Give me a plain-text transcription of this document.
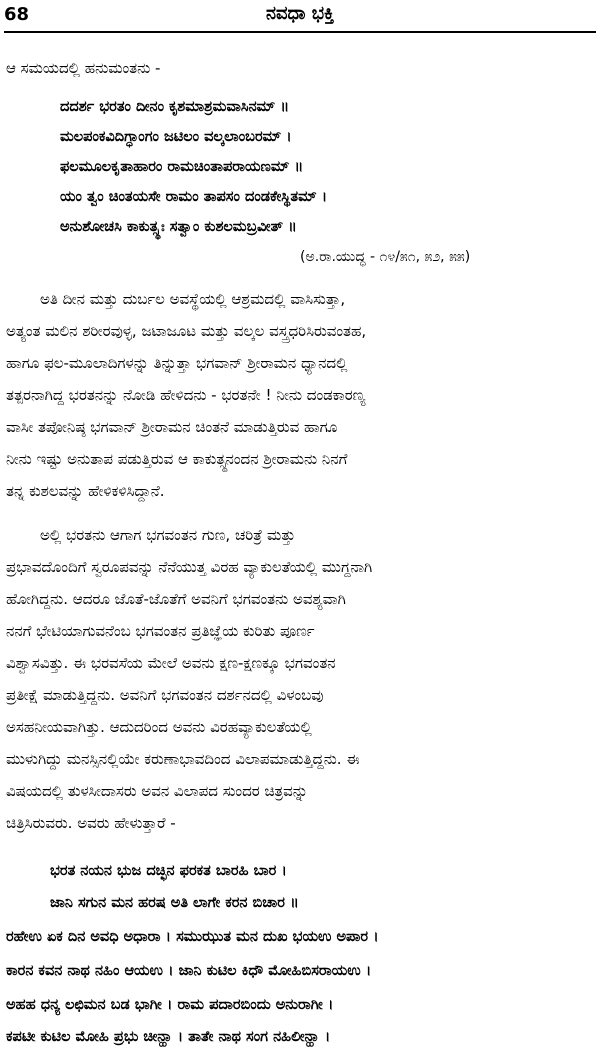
68	ನವಧಾ ಭಕ್ತಿ
ಆ ಸಮಯದಲ್ಲಿ ಹನುಮಂತನು -
ದದರ್ಶ ಭರತಂ ದೀನಂ ಕೃಶಮಾಶ್ರಮವಾಸಿನಮ್ ॥
ಮಲಪಂಕವಿದಿಗ್ಧಾಂಗಂ ಜಟಿಲಂ ವಲ್ಕಲಾಂಬರಮ್ ।
ಫಲಮೂಲಕೃತಾಹಾರಂ ರಾಮಚಿಂತಾಪರಾಯಣಮ್ ॥
ಯಂ ತ್ವಂ ಚಿಂತಯಸೇ ರಾಮಂ ತಾಪಸಂ ದಂಡಕೇಸ್ಥಿತಮ್ ।
ಅನುಶೋಚಸಿ ಕಾಕುತ್ಸ್ಥಃ ಸತ್ವಾಂ ಕುಶಲಮಬ್ರವೀತ್ ॥
(ಅ.ರಾ.ಯುದ್ಧ - ೧೪/೫೧, ೫೨, ೫೫)
ಅತಿ ದೀನ ಮತ್ತು ದುರ್ಬಲ ಅವಸ್ಥೆಯಲ್ಲಿ ಆಶ್ರಮದಲ್ಲಿ ವಾಸಿಸುತ್ತಾ,
ಅತ್ಯಂತ ಮಲಿನ ಶರೀರವುಳ್ಳ, ಜಟಾಜೂಟ ಮತ್ತು ವಲ್ಕಲ ವಸ್ತ್ರಧರಿಸಿರುವಂತಹ,
ಹಾಗೂ ಫಲ-ಮೂಲಾದಿಗಳನ್ನು ತಿನ್ನುತ್ತಾ ಭಗವಾನ್ ಶ್ರೀರಾಮನ ಧ್ಯಾನದಲ್ಲಿ
ತತ್ಪರನಾಗಿದ್ದ ಭರತನನ್ನು ನೋಡಿ ಹೇಳಿದನು - ಭರತನೇ ! ನೀನು ದಂಡಕಾರಣ್ಯ
ವಾಸೀ ತಪೋನಿಷ್ಠ ಭಗವಾನ್ ಶ್ರೀರಾಮನ ಚಿಂತನೆ ಮಾಡುತ್ತಿರುವ ಹಾಗೂ
ನೀನು ಇಷ್ಟು ಅನುತಾಪ ಪಡುತ್ತಿರುವ ಆ ಕಾಕುತ್ಸ್ಥನಂದನ ಶ್ರೀರಾಮನು ನಿನಗೆ
ತನ್ನ ಕುಶಲವನ್ನು ಹೇಳಿಕಳಿಸಿದ್ದಾನೆ.
ಅಲ್ಲಿ ಭರತನು ಆಗಾಗ ಭಗವಂತನ ಗುಣ, ಚರಿತ್ರೆ ಮತ್ತು
ಪ್ರಭಾವದೊಂದಿಗೆ ಸ್ವರೂಪವನ್ನು ನೆನೆಯುತ್ತ ವಿರಹ ವ್ಯಾಕುಲತೆಯಲ್ಲಿ ಮುಗ್ದನಾಗಿ
ಹೋಗಿದ್ದನು. ಆದರೂ ಜೊತೆ-ಜೊತೆಗೆ ಅವನಿಗೆ ಭಗವಂತನು ಅವಶ್ಯವಾಗಿ
ನನಗೆ ಭೇಟಿಯಾಗುವನೆಂಬ ಭಗವಂತನ ಪ್ರತಿಜ್ಞೆಯ ಕುರಿತು ಪೂರ್ಣ
ವಿಶ್ವಾಸವಿತ್ತು. ಈ ಭರವಸೆಯ ಮೇಲೆ ಅವನು ಕ್ಷಣ-ಕ್ಷಣಕ್ಕೂ ಭಗವಂತನ
ಪ್ರತೀಕ್ಷೆ ಮಾಡುತ್ತಿದ್ದನು. ಅವನಿಗೆ ಭಗವಂತನ ದರ್ಶನದಲ್ಲಿ ವಿಳಂಬವು
ಅಸಹನೀಯವಾಗಿತ್ತು. ಆದುದರಿಂದ ಅವನು ವಿರಹವ್ಯಾಕುಲತೆಯಲ್ಲಿ
ಮುಳುಗಿದ್ದು ಮನಸ್ಸಿನಲ್ಲಿಯೇ ಕರುಣಾಭಾವದಿಂದ ವಿಲಾಪಮಾಡುತ್ತಿದ್ದನು. ಈ
ವಿಷಯದಲ್ಲಿ ತುಳಸೀದಾಸರು ಅವನ ವಿಲಾಪದ ಸುಂದರ ಚಿತ್ರವನ್ನು
ಚಿತ್ರಿಸಿರುವರು. ಅವರು ಹೇಳುತ್ತಾರೆ -
ಭರತ ನಯನ ಭುಜ ದಚ್ಛಿನ ಫರಕತ ಬಾರಹಿ ಬಾರ ।
ಜಾನಿ ಸಗುನ ಮನ ಹರಷ ಅತಿ ಲಾಗೇ ಕರನ ಬಿಚಾರ ॥
ರಹೇಉ ಏಕ ದಿನ ಅವಧಿ ಅಧಾರಾ । ಸಮುಝುತ ಮನ ದುಖ ಭಯಉ ಅಪಾರ ।
ಕಾರನ ಕವನ ನಾಥ ನಹಿಂ ಆಯಉ । ಜಾನಿ ಕುಟಿಲ ಕಿಧೌ ಮೋಹಿಬಿಸರಾಯಉ ।
ಅಹಹ ಧನ್ಯ ಲಛಿಮನ ಬಡ ಭಾಗೀ । ರಾಮ ಪದಾರಬಿಂದು ಅನುರಾಗೀ ।
ಕಪಟೀ ಕುಟಿಲ ಮೋಹಿ ಪ್ರಭು ಚೀನ್ಹಾ । ತಾತೇ ನಾಥ ಸಂಗ ನಹಿಲೀನ್ಹಾ ।
